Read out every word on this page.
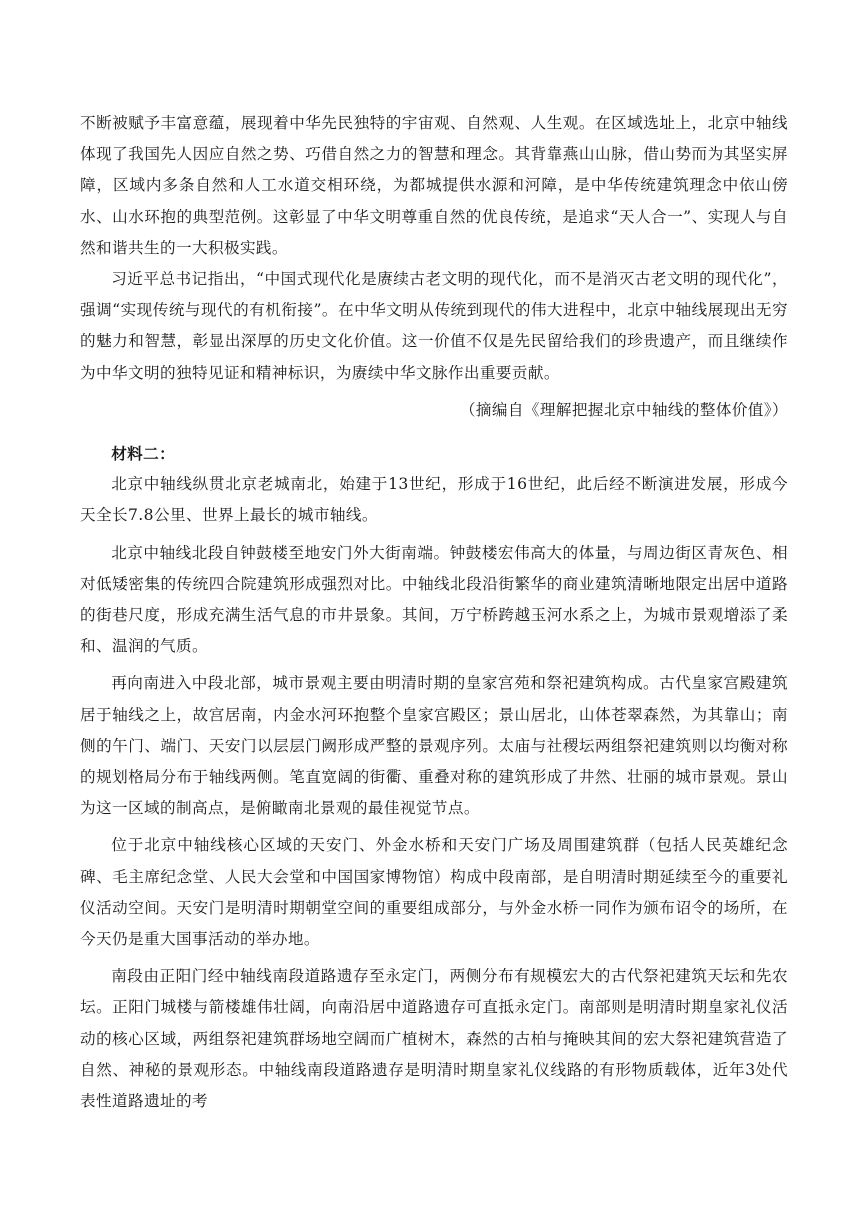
不断被赋予丰富意蕴，展现着中华先民独特的宇宙观、自然观、人生观。在区域选址上，北京中轴线体现了我国先人因应自然之势、巧借自然之力的智慧和理念。其背靠燕山山脉，借山势而为其坚实屏障，区域内多条自然和人工水道交相环绕，为都城提供水源和河障，是中华传统建筑理念中依山傍水、山水环抱的典型范例。这彰显了中华文明尊重自然的优良传统，是追求“天人合一”、实现人与自然和谐共生的一大积极实践。

习近平总书记指出，“中国式现代化是赓续古老文明的现代化，而不是消灭古老文明的现代化”，强调“实现传统与现代的有机衔接”。在中华文明从传统到现代的伟大进程中，北京中轴线展现出无穷的魅力和智慧，彰显出深厚的历史文化价值。这一价值不仅是先民留给我们的珍贵遗产，而且继续作为中华文明的独特见证和精神标识，为赓续中华文脉作出重要贡献。

（摘编自《理解把握北京中轴线的整体价值》）

材料二：

北京中轴线纵贯北京老城南北，始建于13世纪，形成于16世纪，此后经不断演进发展，形成今天全长7.8公里、世界上最长的城市轴线。

北京中轴线北段自钟鼓楼至地安门外大街南端。钟鼓楼宏伟高大的体量，与周边街区青灰色、相对低矮密集的传统四合院建筑形成强烈对比。中轴线北段沿街繁华的商业建筑清晰地限定出居中道路的街巷尺度，形成充满生活气息的市井景象。其间，万宁桥跨越玉河水系之上，为城市景观增添了柔和、温润的气质。

再向南进入中段北部，城市景观主要由明清时期的皇家宫苑和祭祀建筑构成。古代皇家宫殿建筑居于轴线之上，故宫居南，内金水河环抱整个皇家宫殿区；景山居北，山体苍翠森然，为其靠山；南侧的午门、端门、天安门以层层门阙形成严整的景观序列。太庙与社稷坛两组祭祀建筑则以均衡对称的规划格局分布于轴线两侧。笔直宽阔的街衢、重叠对称的建筑形成了井然、壮丽的城市景观。景山为这一区域的制高点，是俯瞰南北景观的最佳视觉节点。

位于北京中轴线核心区域的天安门、外金水桥和天安门广场及周围建筑群（包括人民英雄纪念碑、毛主席纪念堂、人民大会堂和中国国家博物馆）构成中段南部，是自明清时期延续至今的重要礼仪活动空间。天安门是明清时期朝堂空间的重要组成部分，与外金水桥一同作为颁布诏令的场所，在今天仍是重大国事活动的举办地。

南段由正阳门经中轴线南段道路遗存至永定门，两侧分布有规模宏大的古代祭祀建筑天坛和先农坛。正阳门城楼与箭楼雄伟壮阔，向南沿居中道路遗存可直抵永定门。南部则是明清时期皇家礼仪活动的核心区域，两组祭祀建筑群场地空阔而广植树木，森然的古柏与掩映其间的宏大祭祀建筑营造了自然、神秘的景观形态。中轴线南段道路遗存是明清时期皇家礼仪线路的有形物质载体，近年3处代表性道路遗址的考
